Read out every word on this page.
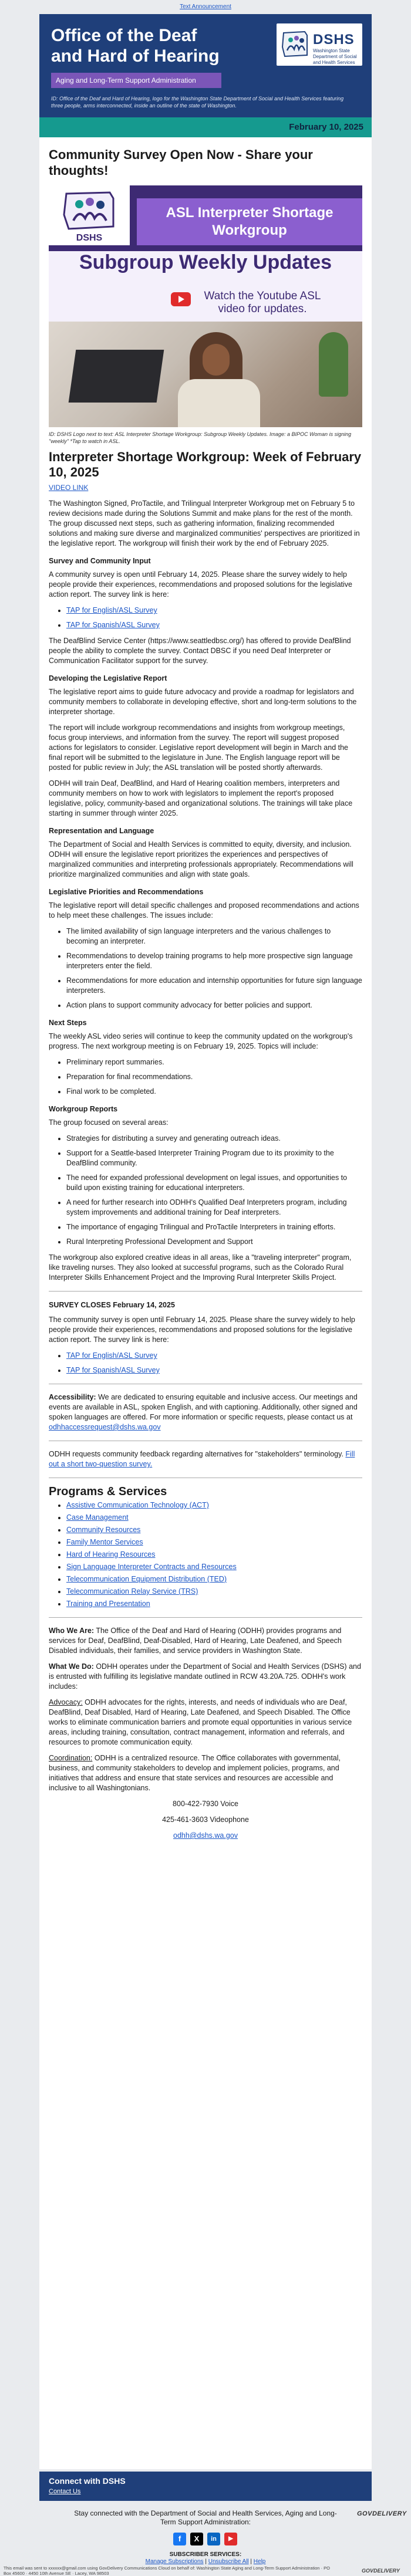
Text Announcement
Office of the Deaf
and Hard of Hearing
Aging and Long-Term Support Administration
ID: Office of the Deaf and Hard of Hearing, logo for the Washington State Department of Social and Health Services featuring three people, arms interconnected, inside an outline of the state of Washington.
DSHS
Washington State Department of Social and Health Services
February 10, 2025
Community Survey Open Now - Share your thoughts!
DSHS
ASL Interpreter Shortage Workgroup
Subgroup Weekly Updates
Watch the Youtube ASL video for updates.
ID: DSHS Logo next to text: ASL Interpreter Shortage Workgroup: Subgroup Weekly Updates. Image: a BIPOC Woman is signing "weekly" *Tap to watch in ASL.
Interpreter Shortage Workgroup: Week of February 10, 2025
VIDEO LINK

The Washington Signed, ProTactile, and Trilingual Interpreter Workgroup met on February 5 to review decisions made during the Solutions Summit and make plans for the rest of the month. The group discussed next steps, such as gathering information, finalizing recommended solutions and making sure diverse and marginalized communities' perspectives are prioritized in the legislative report. The workgroup will finish their work by the end of February 2025.

Survey and Community Input

A community survey is open until February 14, 2025. Please share the survey widely to help people provide their experiences, recommendations and proposed solutions for the legislative action report. The survey link is here:

• TAP for English/ASL Survey
• TAP for Spanish/ASL Survey

The DeafBlind Service Center (https://www.seattledbsc.org/) has offered to provide DeafBlind people the ability to complete the survey. Contact DBSC if you need Deaf Interpreter or Communication Facilitator support for the survey.

Developing the Legislative Report

The legislative report aims to guide future advocacy and provide a roadmap for legislators and community members to collaborate in developing effective, short and long-term solutions to the interpreter shortage.

The report will include workgroup recommendations and insights from workgroup meetings, focus group interviews, and information from the survey. The report will suggest proposed actions for legislators to consider. Legislative report development will begin in March and the final report will be submitted to the legislature in June. The English language report will be posted for public review in July; the ASL translation will be posted shortly afterwards.

ODHH will train Deaf, DeafBlind, and Hard of Hearing coalition members, interpreters and community members on how to work with legislators to implement the report's proposed legislative, policy, community-based and organizational solutions. The trainings will take place starting in summer through winter 2025.

Representation and Language

The Department of Social and Health Services is committed to equity, diversity, and inclusion. ODHH will ensure the legislative report prioritizes the experiences and perspectives of marginalized communities and interpreting professionals appropriately. Recommendations will prioritize marginalized communities and align with state goals.

Legislative Priorities and Recommendations

The legislative report will detail specific challenges and proposed recommendations and actions to help meet these challenges. The issues include:

• The limited availability of sign language interpreters and the various challenges to becoming an interpreter.
• Recommendations to develop training programs to help more prospective sign language interpreters enter the field.
• Recommendations for more education and internship opportunities for future sign language interpreters.
• Action plans to support community advocacy for better policies and support.
Next Steps

The weekly ASL video series will continue to keep the community updated on the workgroup's progress. The next workgroup meeting is on February 19, 2025. Topics will include:

• Preliminary report summaries.
• Preparation for final recommendations.
• Final work to be completed.
Workgroup Reports

The group focused on several areas:

• Strategies for distributing a survey and generating outreach ideas.
• Support for a Seattle-based Interpreter Training Program due to its proximity to the DeafBlind community.
• The need for expanded professional development on legal issues, and opportunities to build upon existing training for educational interpreters.
• A need for further research into ODHH's Qualified Deaf Interpreters program, including system improvements and additional training for Deaf interpreters.
• The importance of engaging Trilingual and ProTactile Interpreters in training efforts.
• Rural Interpreting Professional Development and Support

The workgroup also explored creative ideas in all areas, like a "traveling interpreter" program, like traveling nurses. They also looked at successful programs, such as the Colorado Rural Interpreter Skills Enhancement Project and the Improving Rural Interpreter Skills Project.

SURVEY CLOSES February 14, 2025

The community survey is open until February 14, 2025. Please share the survey widely to help people provide their experiences, recommendations and proposed solutions for the legislative action report. The survey link is here:

• TAP for English/ASL Survey
• TAP for Spanish/ASL Survey

Accessibility: We are dedicated to ensuring equitable and inclusive access. Our meetings and events are available in ASL, spoken English, and with captioning. Additionally, other signed and spoken languages are offered. For more information or specific requests, please contact us at odhhaccessrequest@dshs.wa.gov

ODHH requests community feedback regarding alternatives for "stakeholders" terminology. Fill out a short two-question survey.

Programs & Services
• Assistive Communication Technology (ACT)
• Case Management
• Community Resources
• Family Mentor Services
• Hard of Hearing Resources
• Sign Language Interpreter Contracts and Resources
• Telecommunication Equipment Distribution (TED)
• Telecommunication Relay Service (TRS)
• Training and Presentation

Who We Are: The Office of the Deaf and Hard of Hearing (ODHH) provides programs and services for Deaf, DeafBlind, Deaf-Disabled, Hard of Hearing, Late Deafened, and Speech Disabled individuals, their families, and service providers in Washington State.

What We Do: ODHH operates under the Department of Social and Health Services (DSHS) and is entrusted with fulfilling its legislative mandate outlined in RCW 43.20A.725. ODHH's work includes:

Advocacy: ODHH advocates for the rights, interests, and needs of individuals who are Deaf, DeafBlind, Deaf Disabled, Hard of Hearing, Late Deafened, and Speech Disabled. The Office works to eliminate communication barriers and promote equal opportunities in various service areas, including training, consultation, contract management, information and referrals, and resources to promote communication equity.

Coordination: ODHH is a centralized resource. The Office collaborates with governmental, business, and community stakeholders to develop and implement policies, programs, and initiatives that address and ensure that state services and resources are accessible and inclusive to all Washingtonians.

800-422-7930 Voice

425-461-3603 Videophone

odhh@dshs.wa.gov

Connect with DSHS
Contact Us
Stay connected with the Department of Social and Health Services, Aging and Long-Term Support Administration:
GOVDELIVERY
f	X	in	▶
SUBSCRIBER SERVICES:
Manage Subscriptions | Unsubscribe All | Help
This email was sent to xxxxxx@gmail.com using GovDelivery Communications Cloud on behalf of: Washington State Aging and Long-Term Support Administration · PO Box 45600 · 4450 10th Avenue SE · Lacey, WA 98503	GOVDELIVERY
